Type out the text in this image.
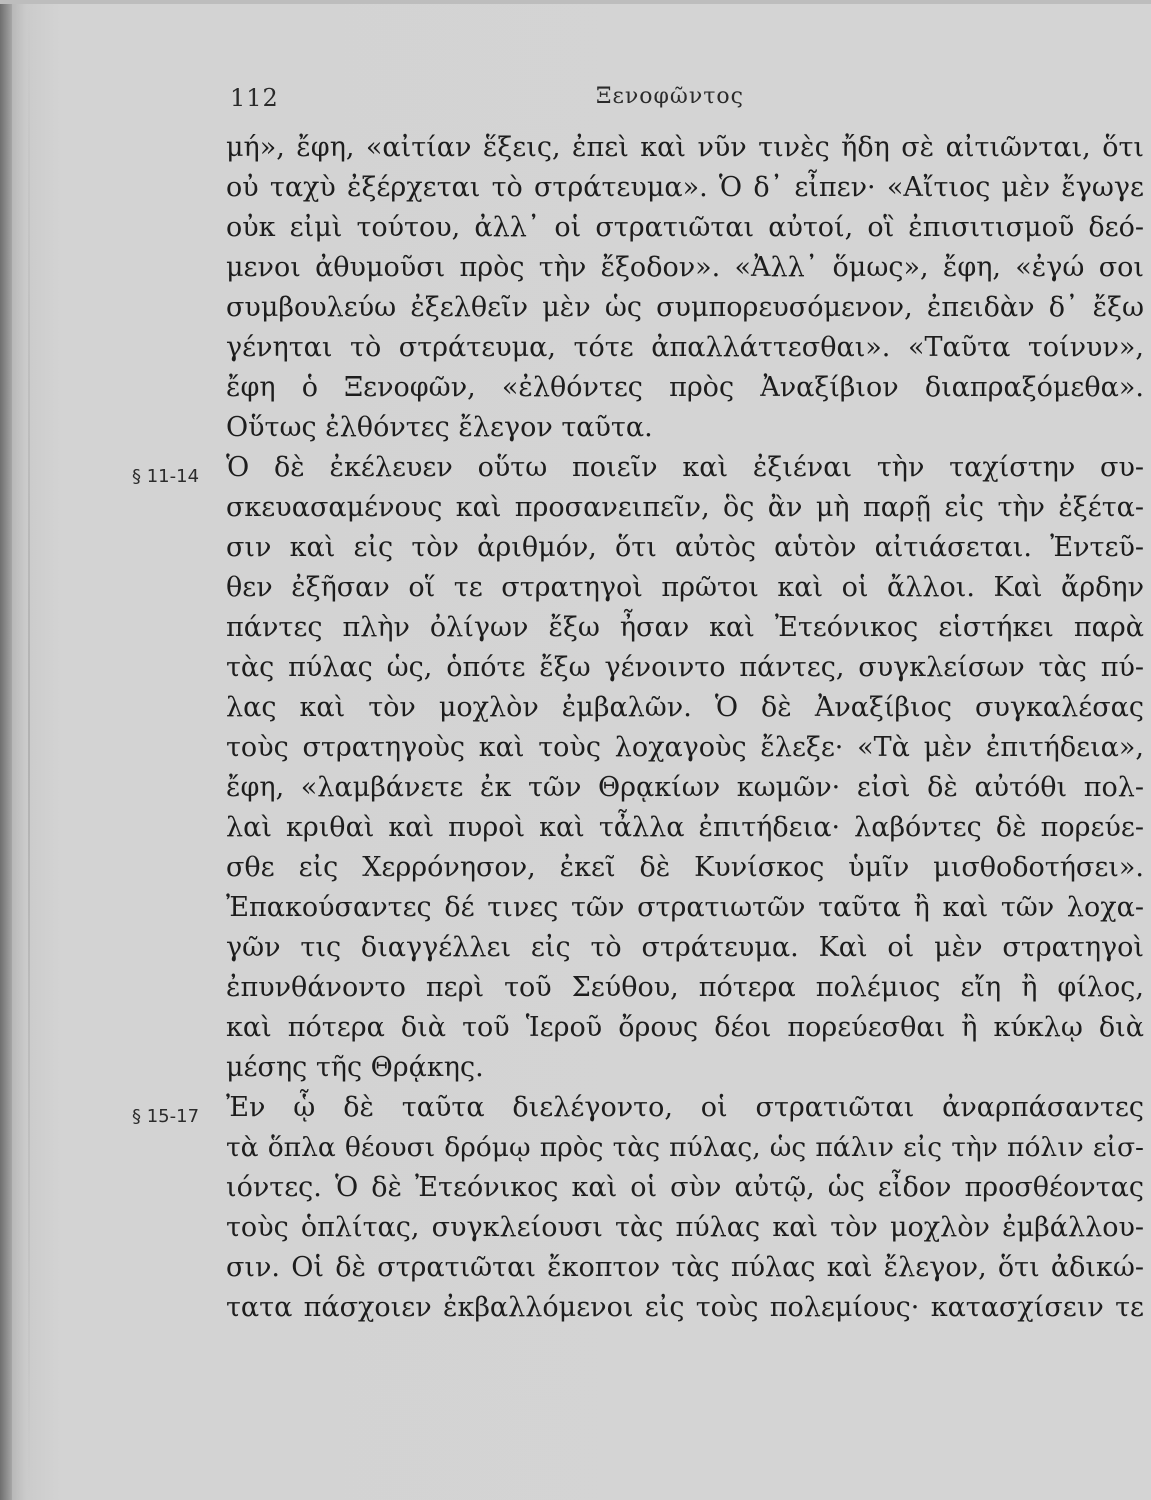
112	Ξενοφῶντος
§ 11-14
§ 15-17
μή», ἔφη, «αἰτίαν ἕξεις, ἐπεὶ καὶ νῦν τινὲς ἤδη σὲ αἰτιῶνται, ὅτι
οὐ ταχὺ ἐξέρχεται τὸ στράτευμα». Ὁ δ᾽ εἶπεν· «Αἴτιος μὲν ἔγωγε
οὐκ εἰμὶ τούτου, ἀλλ᾽ οἱ στρατιῶται αὐτοί, οἳ ἐπισιτισμοῦ δεό-
μενοι ἀθυμοῦσι πρὸς τὴν ἔξοδον». «Ἀλλ᾽ ὅμως», ἔφη, «ἐγώ σοι
συμβουλεύω ἐξελθεῖν μὲν ὡς συμπορευσόμενον, ἐπειδὰν δ᾽ ἔξω
γένηται τὸ στράτευμα, τότε ἀπαλλάττεσθαι». «Ταῦτα τοίνυν»,
ἔφη ὁ Ξενοφῶν, «ἐλθόντες πρὸς Ἀναξίβιον διαπραξόμεθα».
Οὕτως ἐλθόντες ἔλεγον ταῦτα.
Ὁ δὲ ἐκέλευεν οὕτω ποιεῖν καὶ ἐξιέναι τὴν ταχίστην συ-
σκευασαμένους καὶ προσανειπεῖν, ὃς ἂν μὴ παρῇ εἰς τὴν ἐξέτα-
σιν καὶ εἰς τὸν ἀριθμόν, ὅτι αὐτὸς αὑτὸν αἰτιάσεται. Ἐντεῦ-
θεν ἐξῆσαν οἵ τε στρατηγοὶ πρῶτοι καὶ οἱ ἄλλοι. Καὶ ἄρδην
πάντες πλὴν ὀλίγων ἔξω ἦσαν καὶ Ἐτεόνικος εἱστήκει παρὰ
τὰς πύλας ὡς, ὁπότε ἔξω γένοιντο πάντες, συγκλείσων τὰς πύ-
λας καὶ τὸν μοχλὸν ἐμβαλῶν. Ὁ δὲ Ἀναξίβιος συγκαλέσας
τοὺς στρατηγοὺς καὶ τοὺς λοχαγοὺς ἔλεξε· «Τὰ μὲν ἐπιτήδεια»,
ἔφη, «λαμβάνετε ἐκ τῶν Θρᾳκίων κωμῶν· εἰσὶ δὲ αὐτόθι πολ-
λαὶ κριθαὶ καὶ πυροὶ καὶ τἆλλα ἐπιτήδεια· λαβόντες δὲ πορεύε-
σθε εἰς Χερρόνησον, ἐκεῖ δὲ Κυνίσκος ὑμῖν μισθοδοτήσει».
Ἐπακούσαντες δέ τινες τῶν στρατιωτῶν ταῦτα ἢ καὶ τῶν λοχα-
γῶν τις διαγγέλλει εἰς τὸ στράτευμα. Καὶ οἱ μὲν στρατηγοὶ
ἐπυνθάνοντο περὶ τοῦ Σεύθου, πότερα πολέμιος εἴη ἢ φίλος,
καὶ πότερα διὰ τοῦ Ἱεροῦ ὄρους δέοι πορεύεσθαι ἢ κύκλῳ διὰ
μέσης τῆς Θρᾴκης.
Ἐν ᾧ δὲ ταῦτα διελέγοντο, οἱ στρατιῶται ἀναρπάσαντες
τὰ ὅπλα θέουσι δρόμῳ πρὸς τὰς πύλας, ὡς πάλιν εἰς τὴν πόλιν εἰσ-
ιόντες. Ὁ δὲ Ἐτεόνικος καὶ οἱ σὺν αὐτῷ, ὡς εἶδον προσθέοντας
τοὺς ὁπλίτας, συγκλείουσι τὰς πύλας καὶ τὸν μοχλὸν ἐμβάλλου-
σιν. Οἱ δὲ στρατιῶται ἔκοπτον τὰς πύλας καὶ ἔλεγον, ὅτι ἀδικώ-
τατα πάσχοιεν ἐκβαλλόμενοι εἰς τοὺς πολεμίους· κατασχίσειν τε
